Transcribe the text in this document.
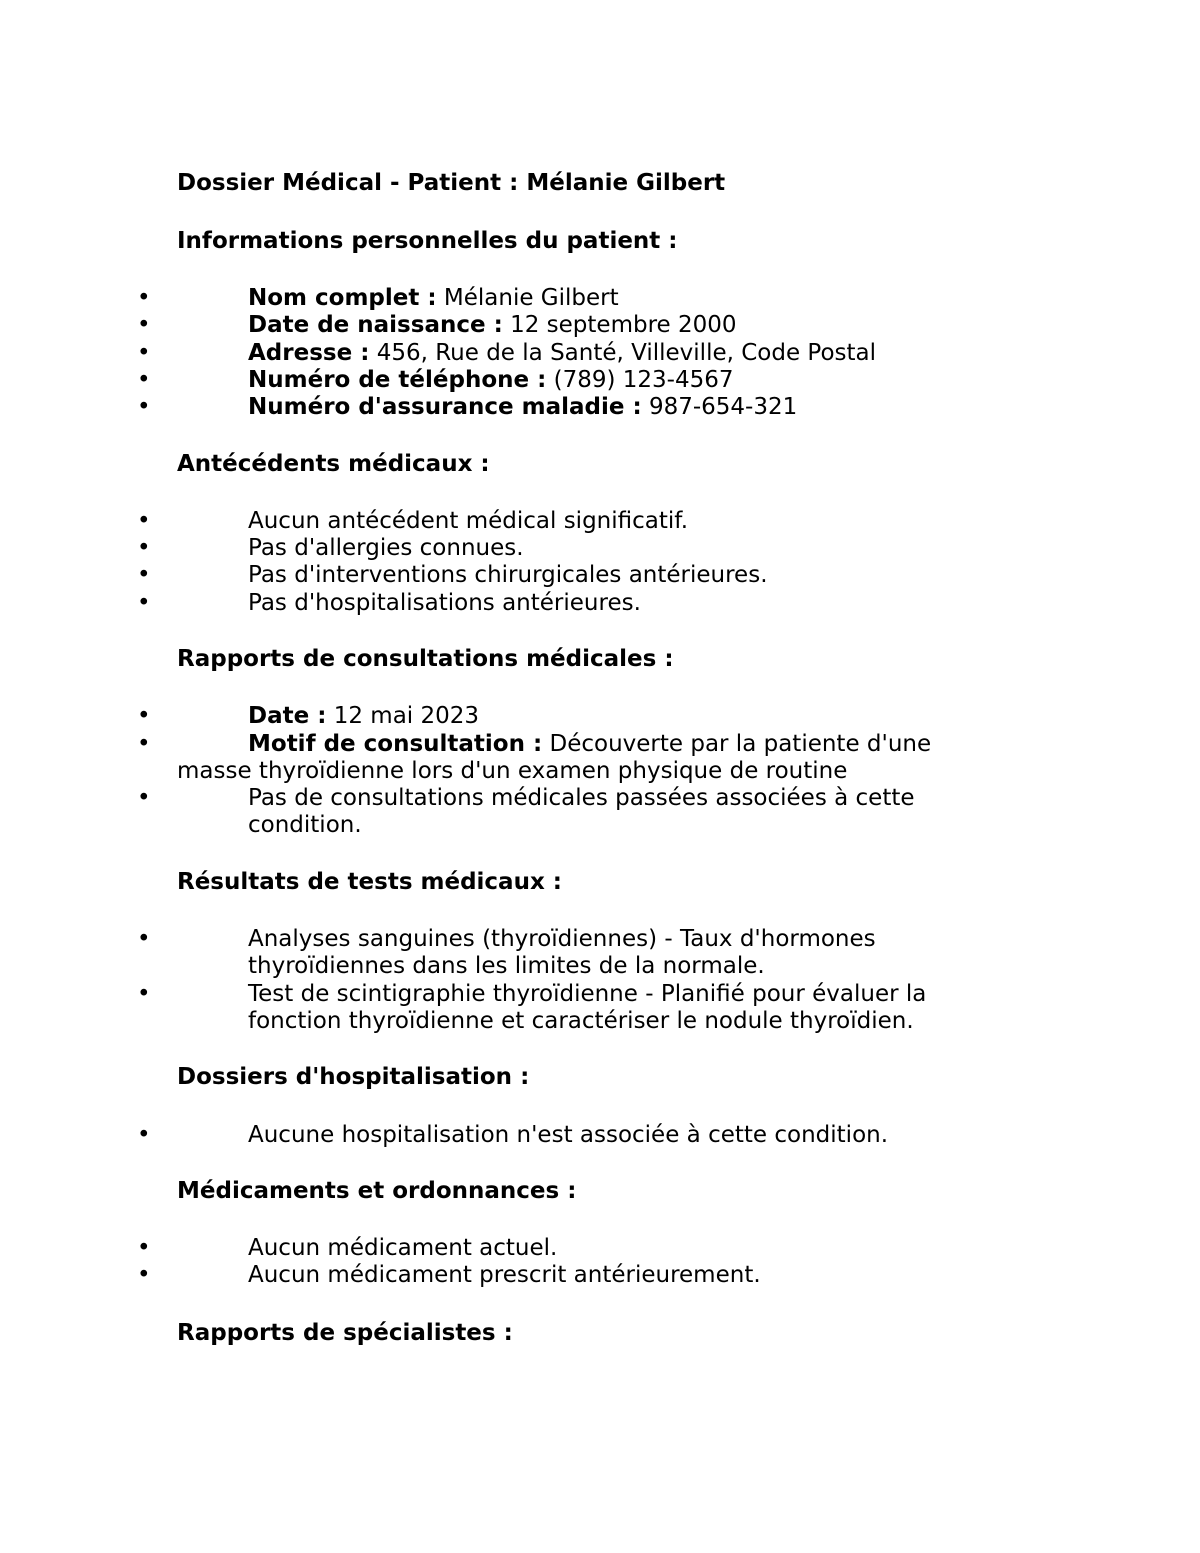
Dossier Médical - Patient : Mélanie Gilbert
Informations personnelles du patient :
•	Nom complet : Mélanie Gilbert
•	Date de naissance : 12 septembre 2000
•	Adresse : 456, Rue de la Santé, Villeville, Code Postal
•	Numéro de téléphone : (789) 123-4567
•	Numéro d'assurance maladie : 987-654-321
Antécédents médicaux :
•	Aucun antécédent médical significatif.
•	Pas d'allergies connues.
•	Pas d'interventions chirurgicales antérieures.
•	Pas d'hospitalisations antérieures.
Rapports de consultations médicales :
•	Date : 12 mai 2023
•	Motif de consultation : Découverte par la patiente d'une masse thyroïdienne lors d'un examen physique de routine
•	Pas de consultations médicales passées associées à cette condition.
Résultats de tests médicaux :
•	Analyses sanguines (thyroïdiennes) - Taux d'hormones thyroïdiennes dans les limites de la normale.
•	Test de scintigraphie thyroïdienne - Planifié pour évaluer la fonction thyroïdienne et caractériser le nodule thyroïdien.
Dossiers d'hospitalisation :
•	Aucune hospitalisation n'est associée à cette condition.
Médicaments et ordonnances :
•	Aucun médicament actuel.
•	Aucun médicament prescrit antérieurement.
Rapports de spécialistes :
